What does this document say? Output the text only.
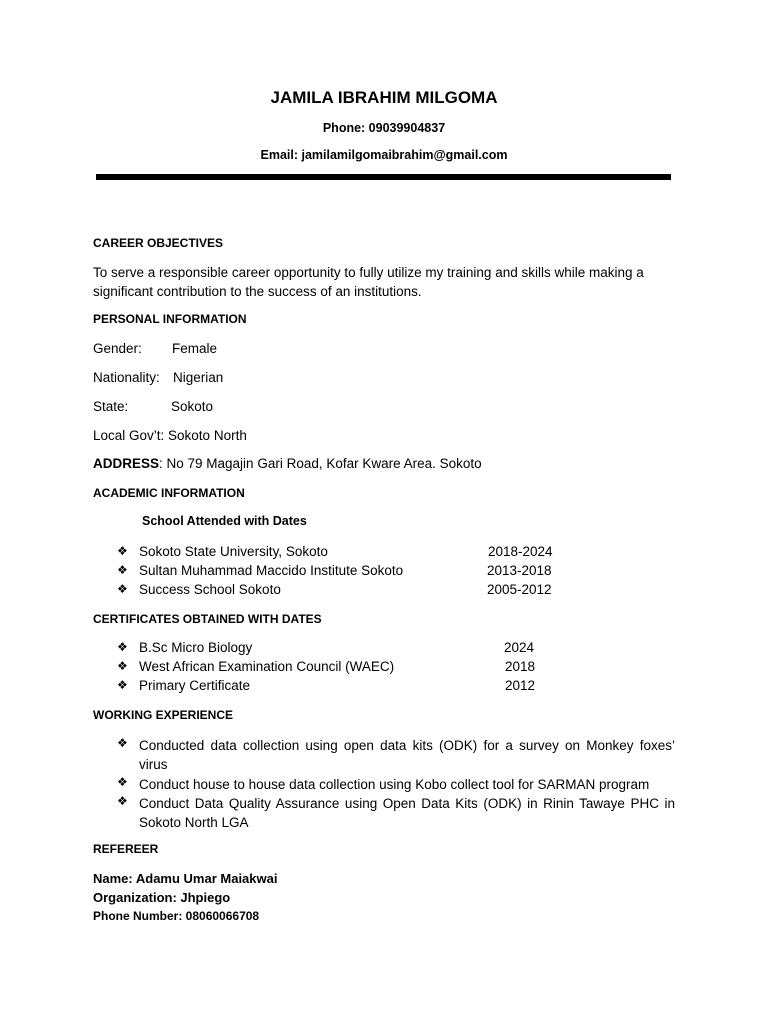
JAMILA IBRAHIM MILGOMA
Phone: 09039904837
Email: jamilamilgomaibrahim@gmail.com
CAREER OBJECTIVES
To serve a responsible career opportunity to fully utilize my training and skills while making a significant contribution to the success of an institutions.
PERSONAL INFORMATION
Gender: Female
Nationality: Nigerian
State:	Sokoto
Local Gov’t: Sokoto North
ADDRESS: No 79 Magajin Gari Road, Kofar Kware Area. Sokoto
ACADEMIC INFORMATION
School Attended with Dates
❖ Sokoto State University, Sokoto	2018-2024
❖ Sultan Muhammad Maccido Institute Sokoto	2013-2018
❖ Success School Sokoto	2005-2012
CERTIFICATES OBTAINED WITH DATES
❖ B.Sc Micro Biology	2024
❖ West African Examination Council (WAEC)	2018
❖ Primary Certificate	2012
WORKING EXPERIENCE
❖ Conducted data collection using open data kits (ODK) for a survey on Monkey foxes’ virus
❖ Conduct house to house data collection using Kobo collect tool for SARMAN program
❖ Conduct Data Quality Assurance using Open Data Kits (ODK) in Rinin Tawaye PHC in Sokoto North LGA
REFEREER
Name: Adamu Umar Maiakwai
Organization: Jhpiego
Phone Number: 08060066708
